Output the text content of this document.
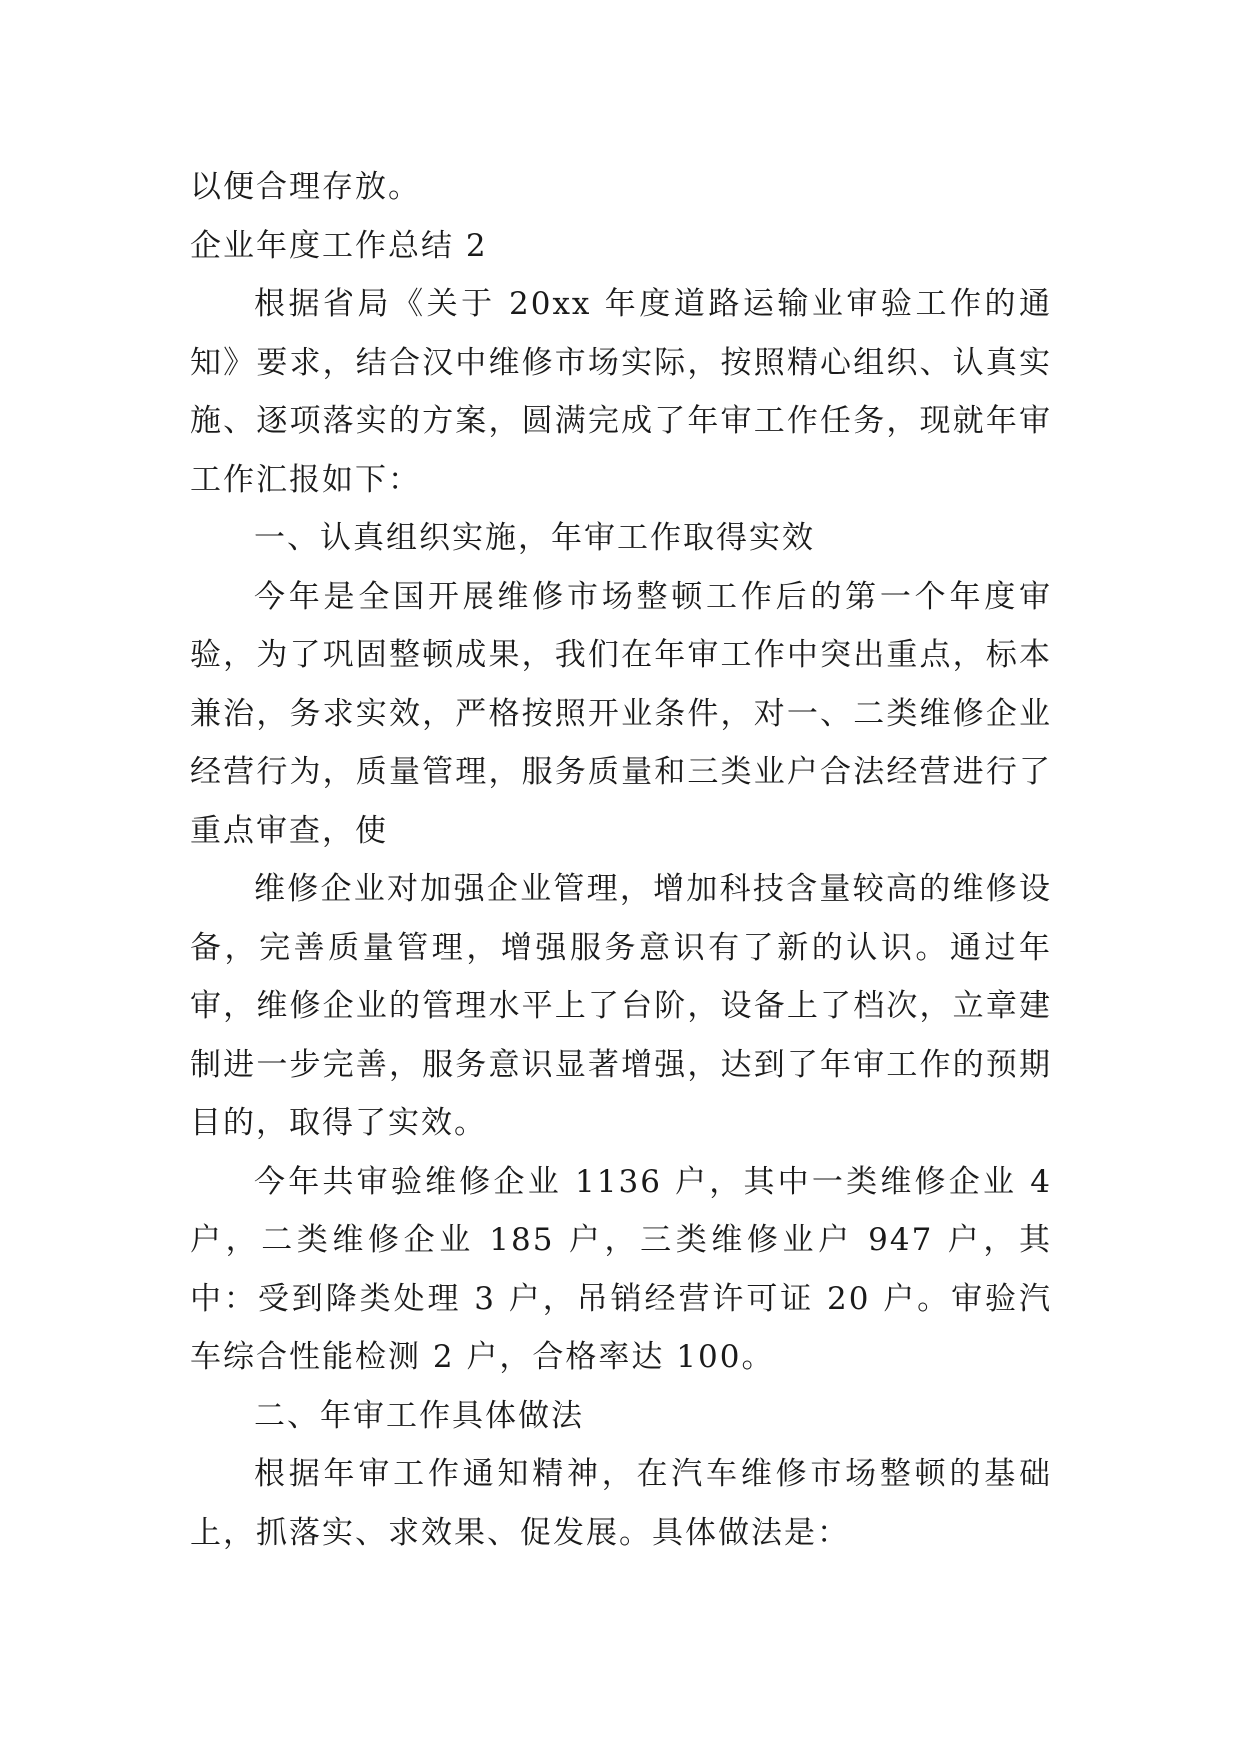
以便合理存放。

企业年度工作总结 2

根据省局《关于 20xx 年度道路运输业审验工作的通知》要求，结合汉中维修市场实际，按照精心组织、认真实施、逐项落实的方案，圆满完成了年审工作任务，现就年审工作汇报如下：

一、认真组织实施，年审工作取得实效

今年是全国开展维修市场整顿工作后的第一个年度审验，为了巩固整顿成果，我们在年审工作中突出重点，标本兼治，务求实效，严格按照开业条件，对一、二类维修企业经营行为，质量管理，服务质量和三类业户合法经营进行了重点审查，使

维修企业对加强企业管理，增加科技含量较高的维修设备，完善质量管理，增强服务意识有了新的认识。通过年审，维修企业的管理水平上了台阶，设备上了档次，立章建制进一步完善，服务意识显著增强，达到了年审工作的预期目的，取得了实效。

今年共审验维修企业 1136 户，其中一类维修企业 4 户，二类维修企业 185 户，三类维修业户 947 户，其中：受到降类处理 3 户，吊销经营许可证 20 户。审验汽车综合性能检测 2 户，合格率达 100。

二、年审工作具体做法

根据年审工作通知精神，在汽车维修市场整顿的基础上，抓落实、求效果、促发展。具体做法是：
